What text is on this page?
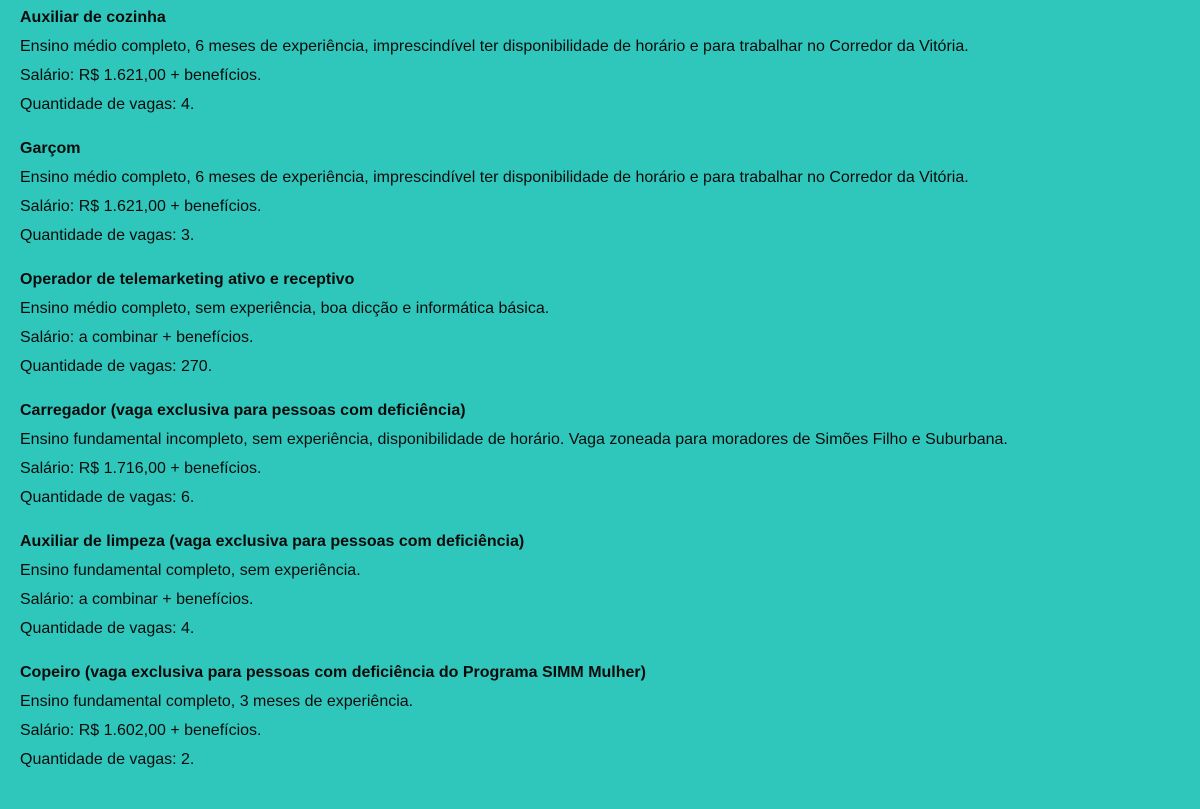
Auxiliar de cozinha

Ensino médio completo, 6 meses de experiência, imprescindível ter disponibilidade de horário e para trabalhar no Corredor da Vitória.

Salário: R$ 1.621,00 + benefícios.

Quantidade de vagas: 4.

Garçom

Ensino médio completo, 6 meses de experiência, imprescindível ter disponibilidade de horário e para trabalhar no Corredor da Vitória.

Salário: R$ 1.621,00 + benefícios.

Quantidade de vagas: 3.

Operador de telemarketing ativo e receptivo

Ensino médio completo, sem experiência, boa dicção e informática básica.

Salário: a combinar + benefícios.

Quantidade de vagas: 270.

Carregador (vaga exclusiva para pessoas com deficiência)

Ensino fundamental incompleto, sem experiência, disponibilidade de horário. Vaga zoneada para moradores de Simões Filho e Suburbana.

Salário: R$ 1.716,00 + benefícios.

Quantidade de vagas: 6.

Auxiliar de limpeza (vaga exclusiva para pessoas com deficiência)

Ensino fundamental completo, sem experiência.

Salário: a combinar + benefícios.

Quantidade de vagas: 4.

Copeiro (vaga exclusiva para pessoas com deficiência do Programa SIMM Mulher)

Ensino fundamental completo, 3 meses de experiência.

Salário: R$ 1.602,00 + benefícios.

Quantidade de vagas: 2.
